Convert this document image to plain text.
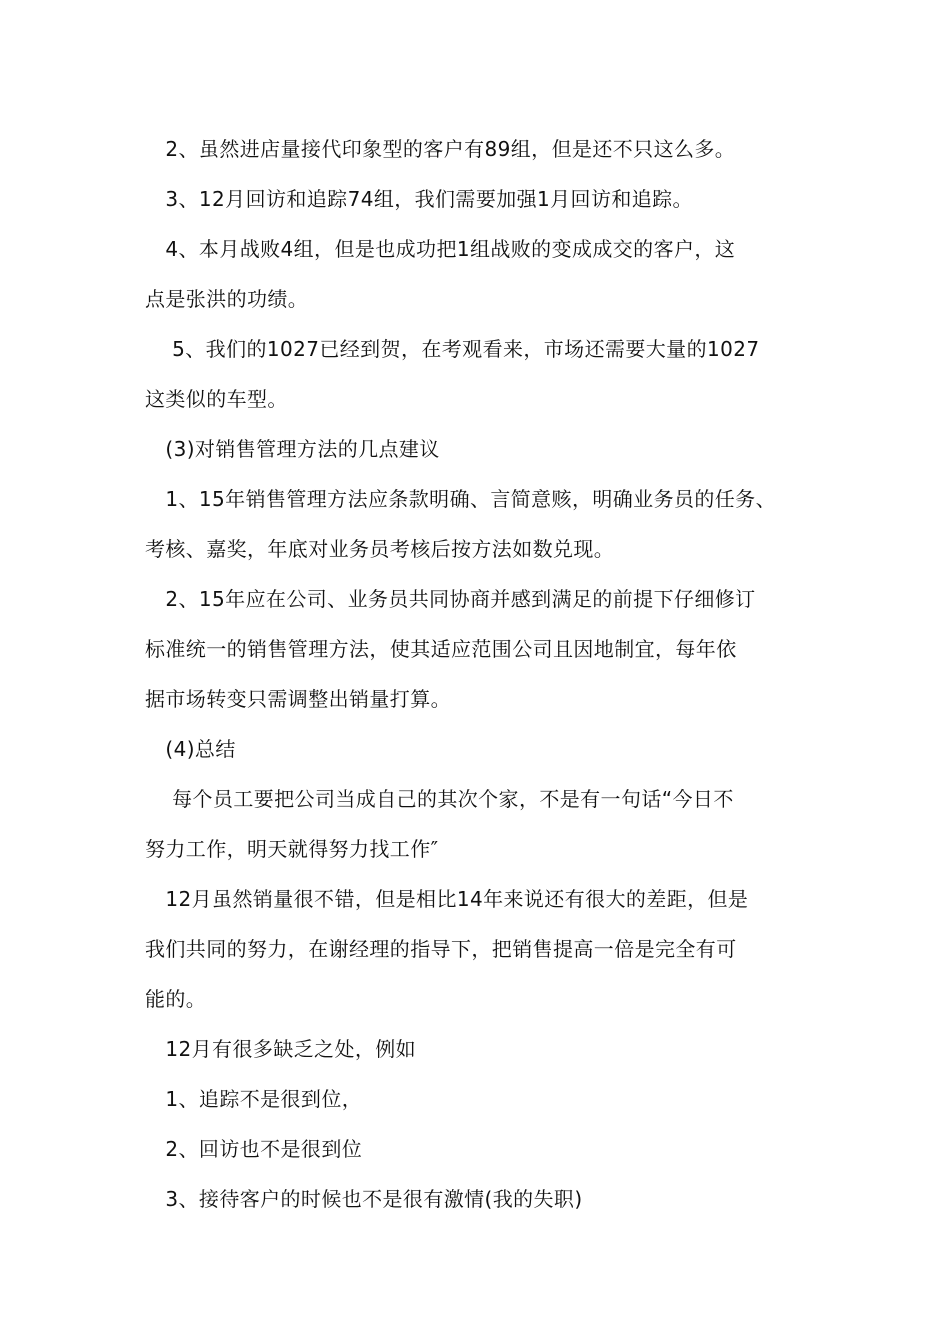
　2、虽然进店量接代印象型的客户有89组，但是还不只这么多。
　3、12月回访和追踪74组，我们需要加强1月回访和追踪。
　4、本月战败4组，但是也成功把1组战败的变成成交的客户，这
点是张洪的功绩。
　 5、我们的1027已经到贺，在考观看来，市场还需要大量的1027
这类似的车型。
　(3)对销售管理方法的几点建议
　1、15年销售管理方法应条款明确、言简意赅，明确业务员的任务、
考核、嘉奖，年底对业务员考核后按方法如数兑现。
　2、15年应在公司、业务员共同协商并感到满足的前提下仔细修订
标准统一的销售管理方法，使其适应范围公司且因地制宜，每年依
据市场转变只需调整出销量打算。
　(4)总结
　 每个员工要把公司当成自己的其次个家，不是有一句话“今日不
努力工作，明天就得努力找工作″
　12月虽然销量很不错，但是相比14年来说还有很大的差距，但是
我们共同的努力，在谢经理的指导下，把销售提高一倍是完全有可
能的。
　12月有很多缺乏之处，例如
　1、追踪不是很到位，
　2、回访也不是很到位
　3、接待客户的时候也不是很有激情(我的失职)
